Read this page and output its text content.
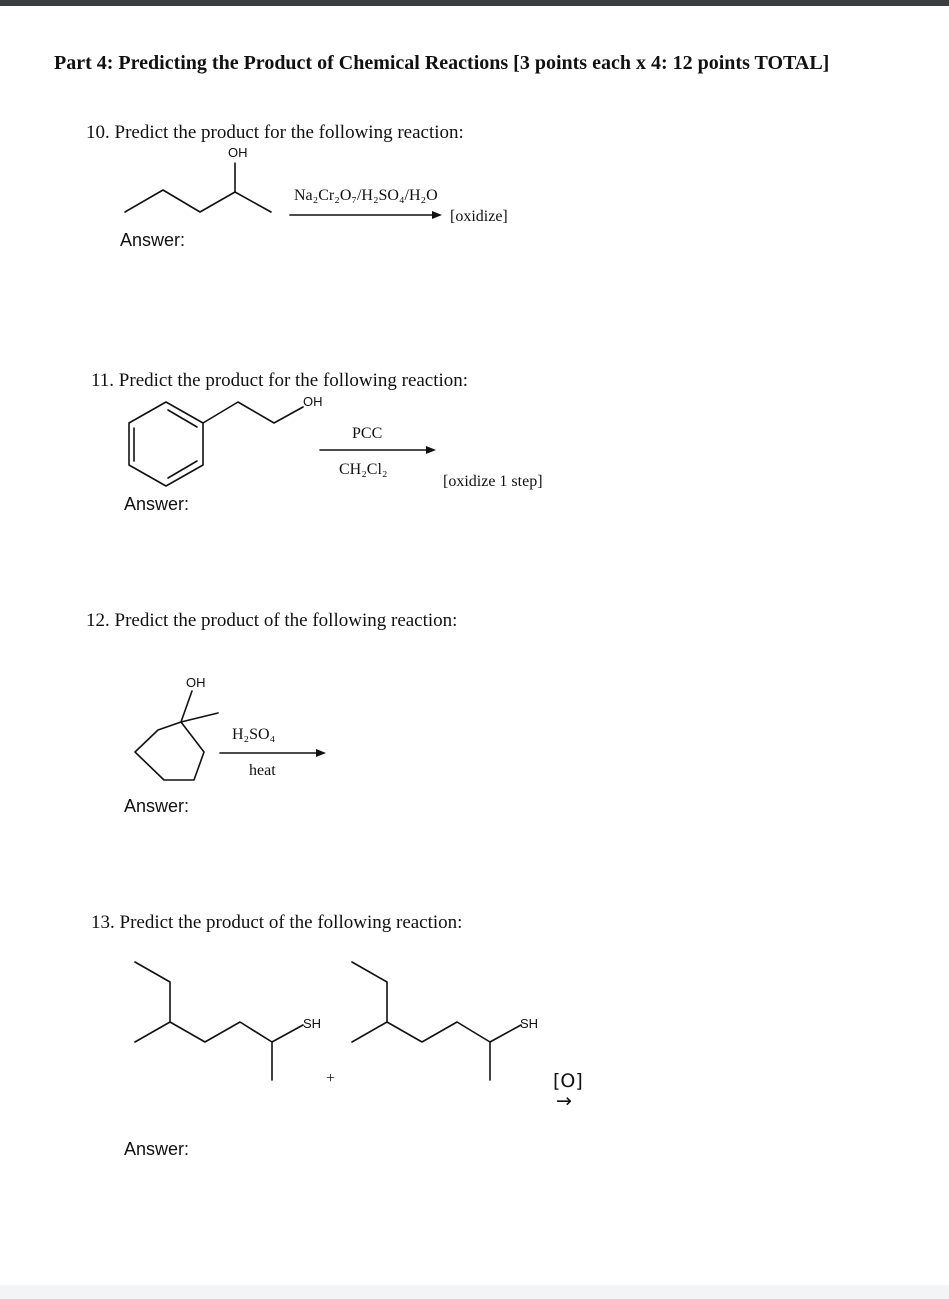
Part 4: Predicting the Product of Chemical Reactions [3 points each x 4: 12 points TOTAL]
10. Predict the product for the following reaction:
OH
Na₂Cr₂O₇/H₂SO₄/H₂O
[oxidize]
Answer:
11. Predict the product for the following reaction:
OH
PCC
CH₂Cl₂
[oxidize 1 step]
Answer:
12. Predict the product of the following reaction:
OH
H₂SO₄
heat
Answer:
13. Predict the product of the following reaction:
SH	SH
+	[O]
→
Answer:
